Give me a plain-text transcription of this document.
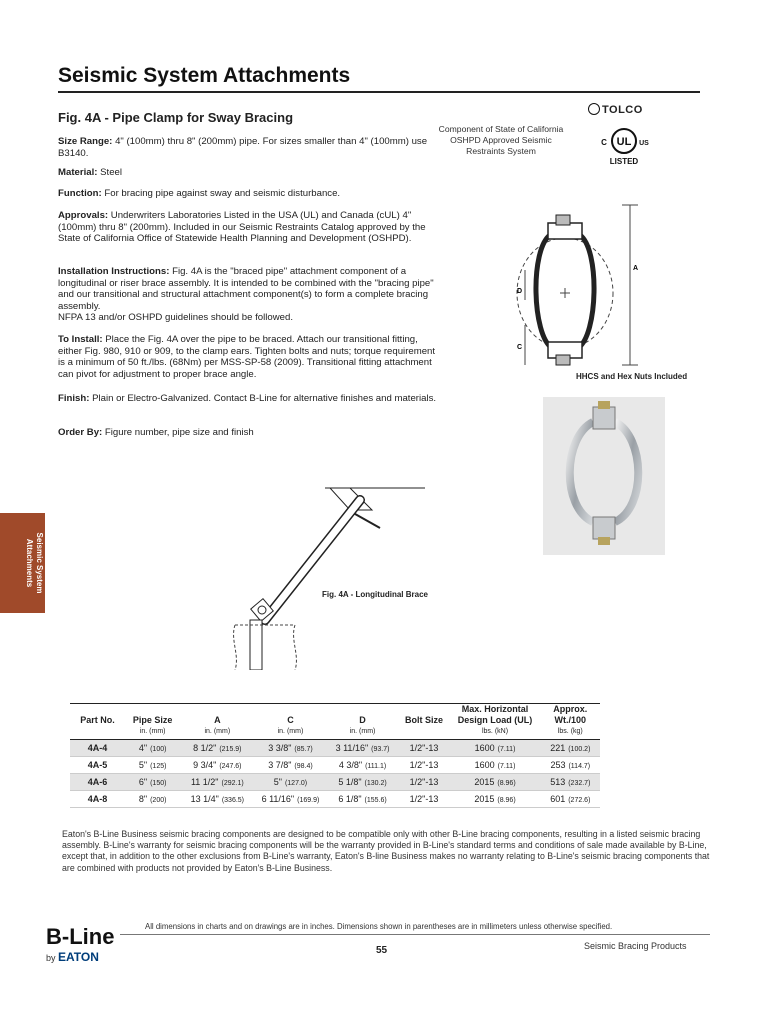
Seismic System Attachments
Fig. 4A - Pipe Clamp for Sway Bracing
Size Range: 4" (100mm) thru 8" (200mm) pipe. For sizes smaller than 4" (100mm) use B3140.
Material: Steel
Function: For bracing pipe against sway and seismic disturbance.
Approvals: Underwriters Laboratories Listed in the USA (UL) and Canada (cUL) 4" (100mm) thru 8" (200mm). Included in our Seismic Restraints Catalog approved by the State of California Office of Statewide Health Planning and Development (OSHPD).
Installation Instructions: Fig. 4A is the "braced pipe" attachment component of a longitudinal or riser brace assembly. It is intended to be combined with the "bracing pipe" and our transitional and structural attachment component(s) to form a complete bracing assembly.
NFPA 13 and/or OSHPD guidelines should be followed.
To Install: Place the Fig. 4A over the pipe to be braced. Attach our transitional fitting, either Fig. 980, 910 or 909, to the clamp ears. Tighten bolts and nuts; torque requirement is a minimum of 50 ft./lbs. (68Nm) per MSS-SP-58 (2009). Transitional fitting attachment can pivot for adjustment to proper brace angle.
Finish: Plain or Electro-Galvanized. Contact B-Line for alternative finishes and materials.
Order By: Figure number, pipe size and finish
Component of State of California OSHPD Approved Seismic Restraints System
TOLCO
UL
C	US
LISTED
A
D
C
HHCS and Hex Nuts Included
Fig. 4A - Longitudinal Brace
Seismic System Attachments
Part No.	Pipe Size	A	C	D	Bolt Size	Max. Horizontal Design Load (UL)	Approx. Wt./100
	in. (mm)	in. (mm)	in. (mm)	in. (mm)		lbs. (kN)	lbs. (kg)
4A-4	4" (100)	8 1/2" (215.9)	3 3/8" (85.7)	3 11/16" (93.7)	1/2"-13	1600 (7.11)	221 (100.2)
4A-5	5" (125)	9 3/4" (247.6)	3 7/8" (98.4)	4 3/8" (111.1)	1/2"-13	1600 (7.11)	253 (114.7)
4A-6	6" (150)	11 1/2" (292.1)	5" (127.0)	5 1/8" (130.2)	1/2"-13	2015 (8.96)	513 (232.7)
4A-8	8" (200)	13 1/4" (336.5)	6 11/16" (169.9)	6 1/8" (155.6)	1/2"-13	2015 (8.96)	601 (272.6)
Eaton's B-Line Business seismic bracing components are designed to be compatible only with other B-Line bracing components, resulting in a listed seismic bracing assembly. B-Line's warranty for seismic bracing components will be the warranty provided in B-Line's standard terms and conditions of sale made available by B-Line, except that, in addition to the other exclusions from B-Line's warranty, Eaton's B-line Business makes no warranty relating to B-Line's seismic bracing components that are combined with products not provided by Eaton's B-Line Business.
All dimensions in charts and on drawings are in inches. Dimensions shown in parentheses are in millimeters unless otherwise specified.
55	Seismic Bracing Products
B-Line
by EATON
